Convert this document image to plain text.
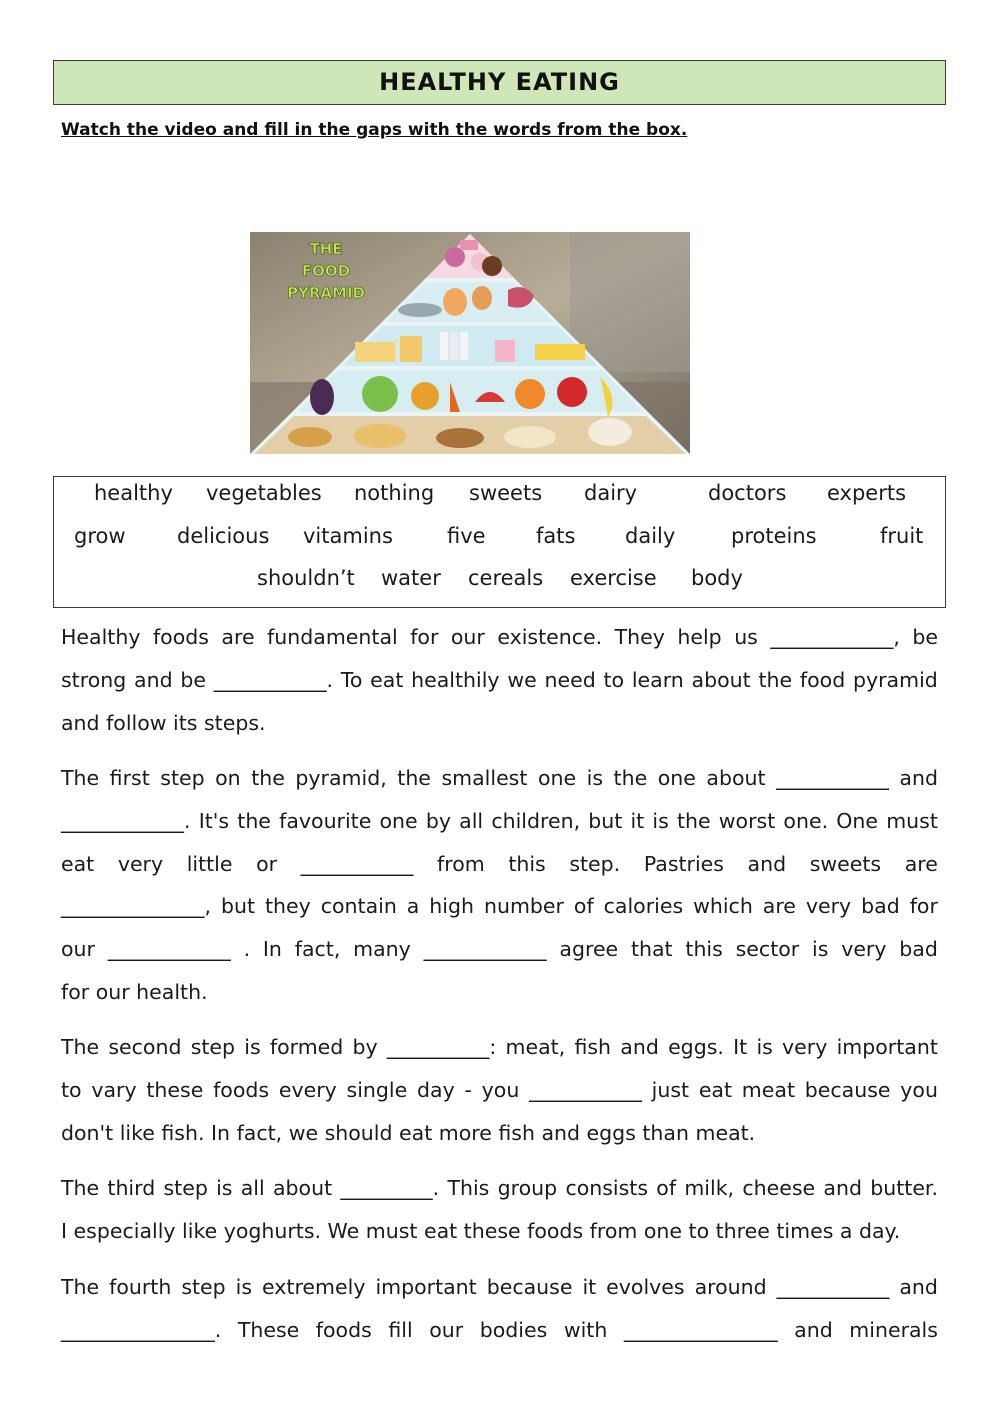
HEALTHY EATING
Watch the video and fill in the gaps with the words from the box.
THE
FOOD
PYRAMID
healthy vegetables nothing sweets dairy	doctors experts
grow delicious vitamins	five fats daily	proteins	fruit
shouldn’t water cereals exercise body
Healthy foods are fundamental for our existence. They help us ____________, be
strong and be ___________. To eat healthily we need to learn about the food pyramid
and follow its steps.
The first step on the pyramid, the smallest one is the one about ___________ and
____________. It's the favourite one by all children, but it is the worst one. One must
eat very little or ___________ from this step. Pastries and sweets are
______________, but they contain a high number of calories which are very bad for
our ____________ . In fact, many ____________ agree that this sector is very bad
for our health.
The second step is formed by __________: meat, fish and eggs. It is very important
to vary these foods every single day - you ___________ just eat meat because you
don't like fish. In fact, we should eat more fish and eggs than meat.
The third step is all about _________. This group consists of milk, cheese and butter.
I especially like yoghurts. We must eat these foods from one to three times a day.
The fourth step is extremely important because it evolves around ___________ and
_______________. These foods fill our bodies with _______________ and minerals
